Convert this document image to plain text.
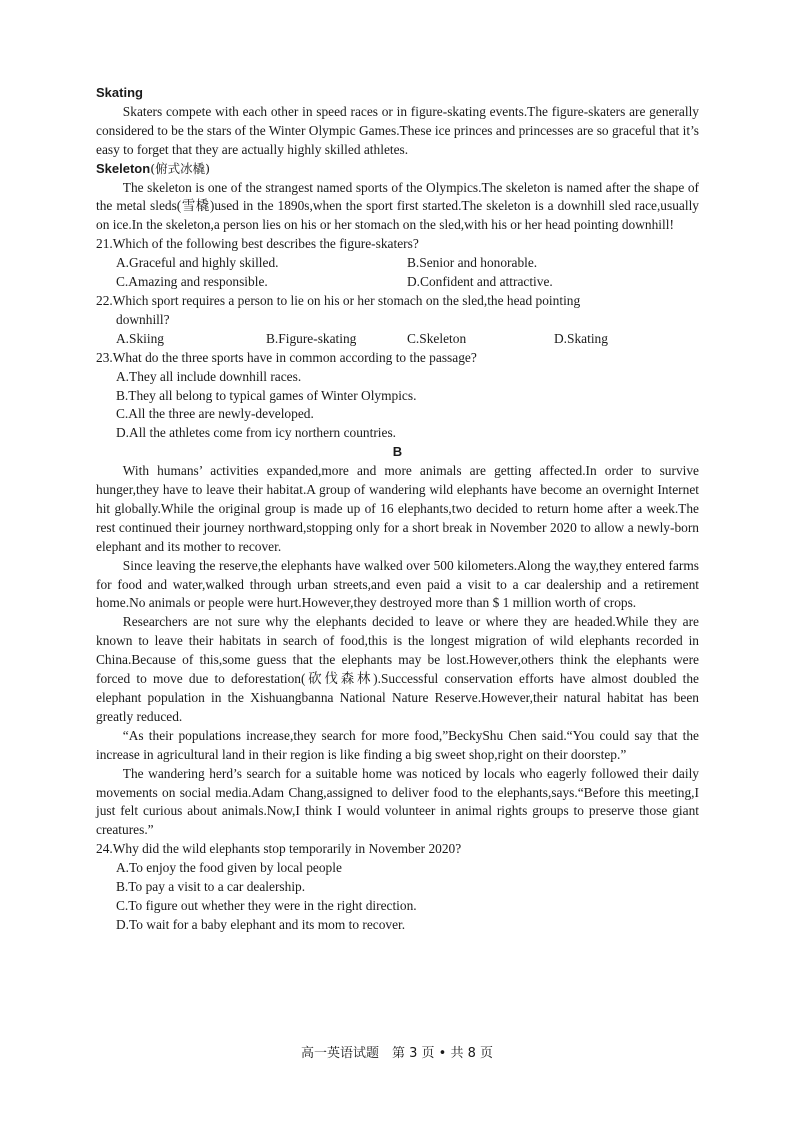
Skating

Skaters compete with each other in speed races or in figure-skating events.The figure-skaters are generally considered to be the stars of the Winter Olympic Games.These ice princes and princesses are so graceful that it’s easy to forget that they are actually highly skilled athletes.

Skeleton(俯式冰橇)

The skeleton is one of the strangest named sports of the Olympics.The skeleton is named after the shape of the metal sleds(雪橇)used in the 1890s,when the sport first started.The skeleton is a downhill sled race,usually on ice.In the skeleton,a person lies on his or her stomach on the sled,with his or her head pointing downhill!

21.Which of the following best describes the figure-skaters?

A.Graceful and highly skilled.	B.Senior and honorable.
C.Amazing and responsible.	D.Confident and attractive.

22.Which sport requires a person to lie on his or her stomach on the sled,the head pointing

downhill?

A.Skiing	B.Figure-skating	C.Skeleton	D.Skating

23.What do the three sports have in common according to the passage?

A.They all include downhill races.
B.They all belong to typical games of Winter Olympics.
C.All the three are newly-developed.
D.All the athletes come from icy northern countries.
B

With humans’ activities expanded,more and more animals are getting affected.In order to survive hunger,they have to leave their habitat.A group of wandering wild elephants have become an overnight Internet hit globally.While the original group is made up of 16 elephants,two decided to return home after a week.The rest continued their journey northward,stopping only for a short break in November 2020 to allow a newly-born elephant and its mother to recover.

Since leaving the reserve,the elephants have walked over 500 kilometers.Along the way,they entered farms for food and water,walked through urban streets,and even paid a visit to a car dealership and a retirement home.No animals or people were hurt.However,they destroyed more than $ 1 million worth of crops.

Researchers are not sure why the elephants decided to leave or where they are headed.While they are known to leave their habitats in search of food,this is the longest migration of wild elephants recorded in China.Because of this,some guess that the elephants may be lost.However,others think the elephants were forced to move due to deforestation(砍伐森林).Successful conservation efforts have almost doubled the elephant population in the Xishuangbanna National Nature Reserve.However,their natural habitat has been greatly reduced.

“As their populations increase,they search for more food,”BeckyShu Chen said.“You could say that the increase in agricultural land in their region is like finding a big sweet shop,right on their doorstep.”

The wandering herd’s search for a suitable home was noticed by locals who eagerly followed their daily movements on social media.Adam Chang,assigned to deliver food to the elephants,says.“Before this meeting,I just felt curious about animals.Now,I think I would volunteer in animal rights groups to preserve those giant creatures.”

24.Why did the wild elephants stop temporarily in November 2020?

A.To enjoy the food given by local people
B.To pay a visit to a car dealership.
C.To figure out whether they were in the right direction.
D.To wait for a baby elephant and its mom to recover.
高一英语试题　第 3 页 • 共 8 页
